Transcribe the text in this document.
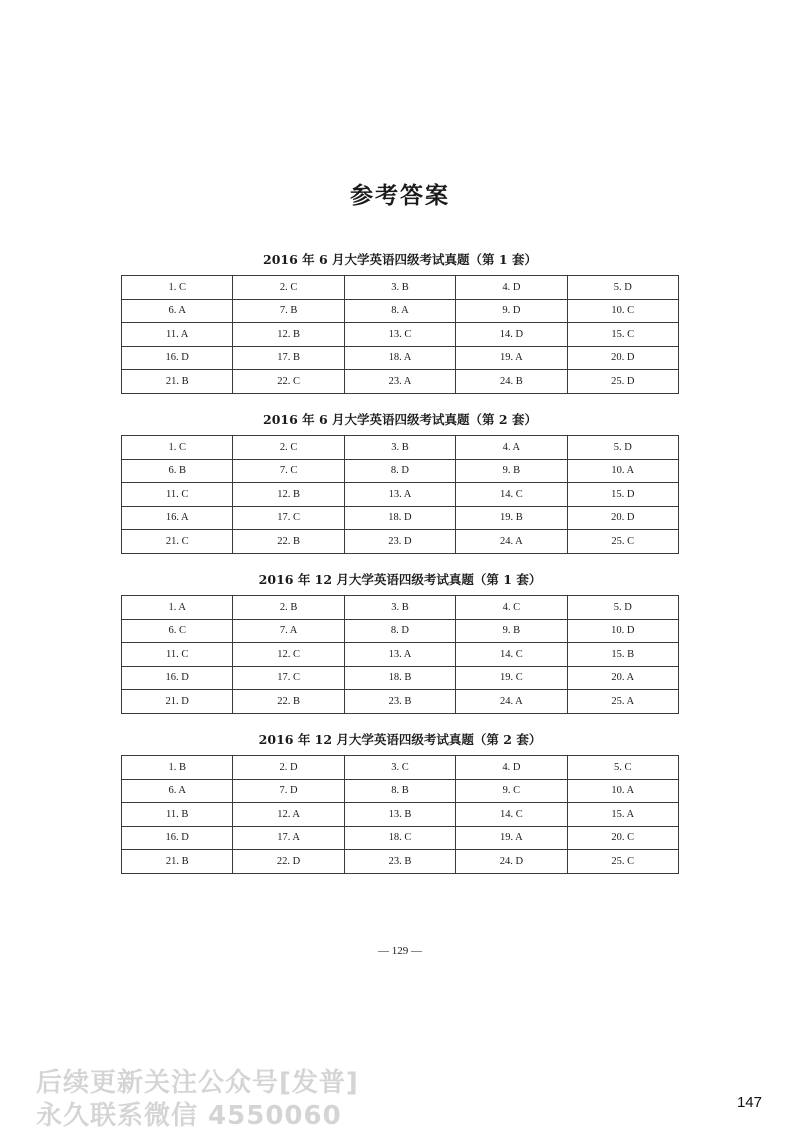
参考答案
2016 年 6 月大学英语四级考试真题（第 1 套）
1. C	2. C	3. B	4. D	5. D
6. A	7. B	8. A	9. D	10. C
11. A	12. B	13. C	14. D	15. C
16. D	17. B	18. A	19. A	20. D
21. B	22. C	23. A	24. B	25. D
2016 年 6 月大学英语四级考试真题（第 2 套）
1. C	2. C	3. B	4. A	5. D
6. B	7. C	8. D	9. B	10. A
11. C	12. B	13. A	14. C	15. D
16. A	17. C	18. D	19. B	20. D
21. C	22. B	23. D	24. A	25. C
2016 年 12 月大学英语四级考试真题（第 1 套）
1. A	2. B	3. B	4. C	5. D
6. C	7. A	8. D	9. B	10. D
11. C	12. C	13. A	14. C	15. B
16. D	17. C	18. B	19. C	20. A
21. D	22. B	23. B	24. A	25. A
2016 年 12 月大学英语四级考试真题（第 2 套）
1. B	2. D	3. C	4. D	5. C
6. A	7. D	8. B	9. C	10. A
11. B	12. A	13. B	14. C	15. A
16. D	17. A	18. C	19. A	20. C
21. B	22. D	23. B	24. D	25. C
— 129 —
后续更新关注公众号[发普]
永久联系微信 4550060	147
